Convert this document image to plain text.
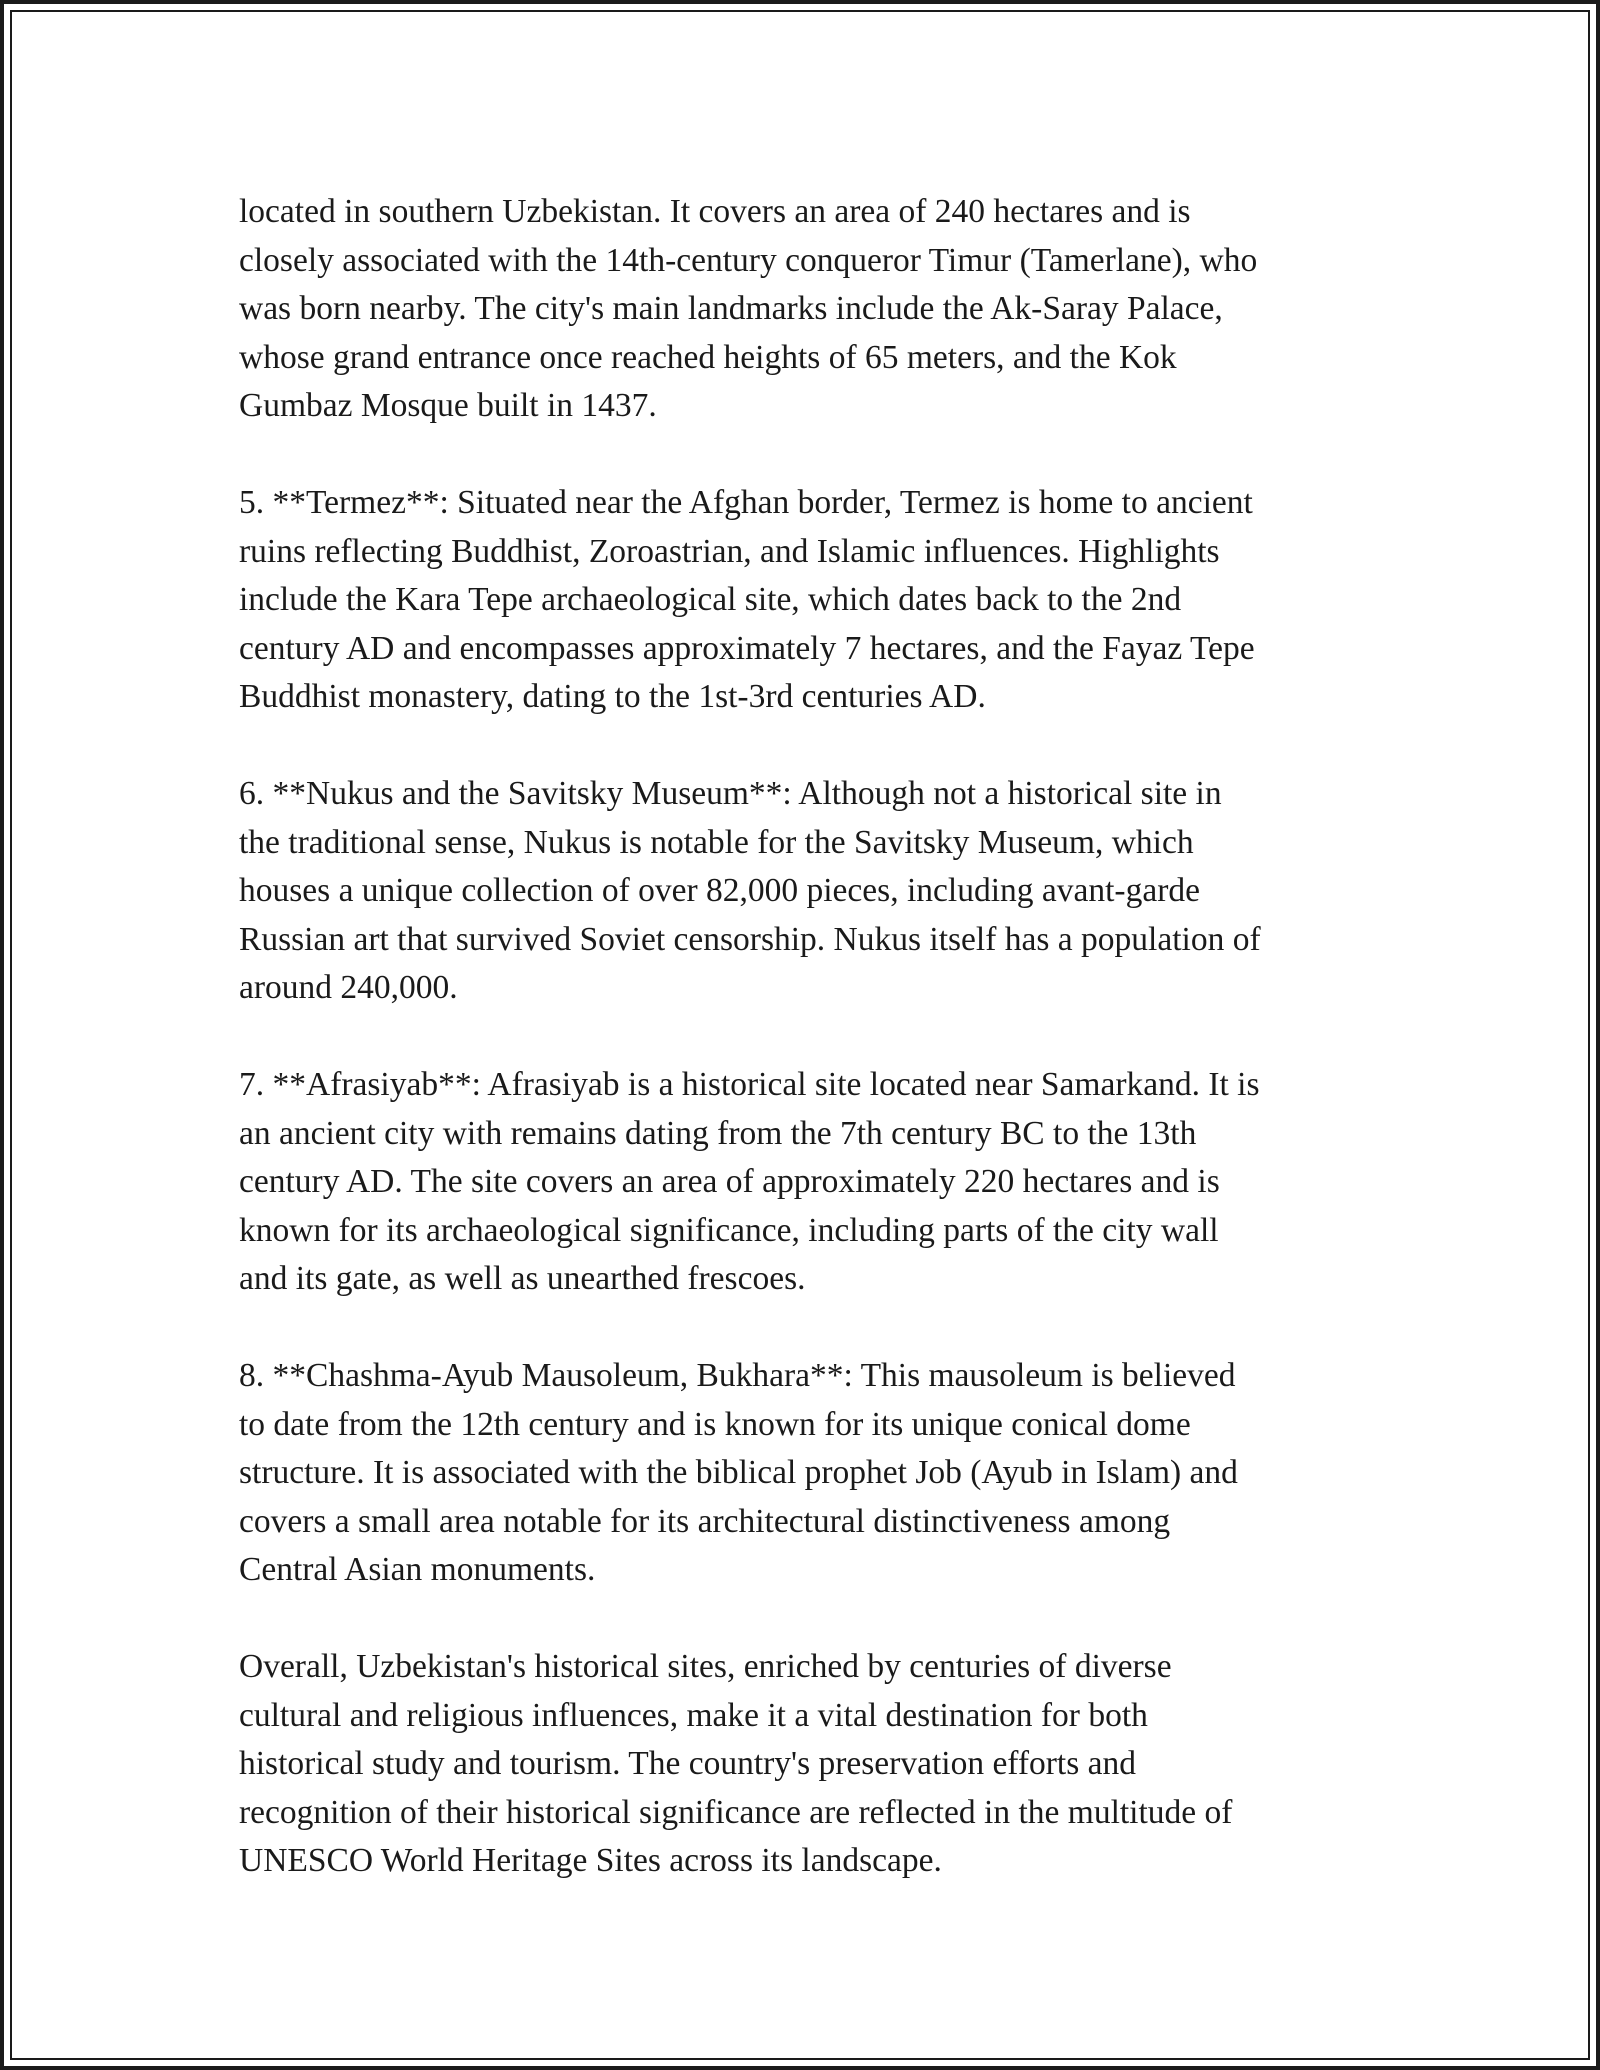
located in southern Uzbekistan. It covers an area of 240 hectares and is
closely associated with the 14th-century conqueror Timur (Tamerlane), who
was born nearby. The city's main landmarks include the Ak-Saray Palace,
whose grand entrance once reached heights of 65 meters, and the Kok
Gumbaz Mosque built in 1437.

5. **Termez**: Situated near the Afghan border, Termez is home to ancient
ruins reflecting Buddhist, Zoroastrian, and Islamic influences. Highlights
include the Kara Tepe archaeological site, which dates back to the 2nd
century AD and encompasses approximately 7 hectares, and the Fayaz Tepe
Buddhist monastery, dating to the 1st-3rd centuries AD.

6. **Nukus and the Savitsky Museum**: Although not a historical site in
the traditional sense, Nukus is notable for the Savitsky Museum, which
houses a unique collection of over 82,000 pieces, including avant-garde
Russian art that survived Soviet censorship. Nukus itself has a population of
around 240,000.

7. **Afrasiyab**: Afrasiyab is a historical site located near Samarkand. It is
an ancient city with remains dating from the 7th century BC to the 13th
century AD. The site covers an area of approximately 220 hectares and is
known for its archaeological significance, including parts of the city wall
and its gate, as well as unearthed frescoes.

8. **Chashma-Ayub Mausoleum, Bukhara**: This mausoleum is believed
to date from the 12th century and is known for its unique conical dome
structure. It is associated with the biblical prophet Job (Ayub in Islam) and
covers a small area notable for its architectural distinctiveness among
Central Asian monuments.

Overall, Uzbekistan's historical sites, enriched by centuries of diverse
cultural and religious influences, make it a vital destination for both
historical study and tourism. The country's preservation efforts and
recognition of their historical significance are reflected in the multitude of
UNESCO World Heritage Sites across its landscape.
